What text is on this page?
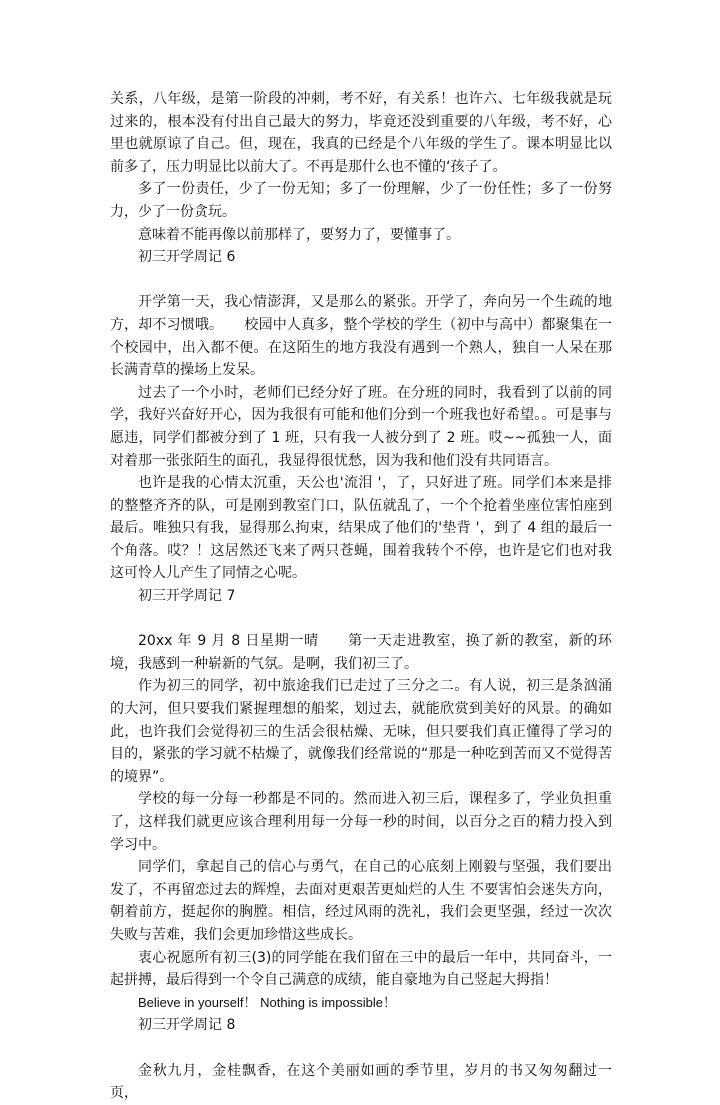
关系，八年级，是第一阶段的冲刺，考不好，有关系！也许六、七年级我就是玩过来的，根本没有付出自己最大的努力，毕竟还没到重要的八年级，考不好，心里也就原谅了自己。但，现在，我真的已经是个八年级的学生了。课本明显比以前多了，压力明显比以前大了。不再是那什么也不懂的‘孩子了。

多了一份责任，少了一份无知；多了一份理解，少了一份任性；多了一份努力，少了一份贪玩。

意味着不能再像以前那样了，要努力了，要懂事了。

初三开学周记 6

开学第一天，我心情澎湃，又是那么的紧张。开学了，奔向另一个生疏的地方，却不习惯哦。　　校园中人真多，整个学校的学生（初中与高中）都聚集在一个校园中，出入都不便。在这陌生的地方我没有遇到一个熟人，独自一人呆在那长满青草的操场上发呆。

过去了一个小时，老师们已经分好了班。在分班的同时，我看到了以前的同学，我好兴奋好开心，因为我很有可能和他们分到一个班我也好希望。。可是事与愿违，同学们都被分到了 1 班，只有我一人被分到了 2 班。哎~~孤独一人，面对着那一张张陌生的面孔，我显得很忧愁，因为我和他们没有共同语言。

也许是我的心情太沉重，天公也'流泪 '，了，只好进了班。同学们本来是排的整整齐齐的队，可是刚到教室门口，队伍就乱了，一个个抢着坐座位害怕座到最后。唯独只有我，显得那么拘束，结果成了他们的'垫背 '，到了 4 组的最后一个角落。哎？！这居然还飞来了两只苍蝇，围着我转个不停，也许是它们也对我这可怜人儿产生了同情之心呢。

初三开学周记 7

20xx 年 9 月 8 日星期一晴　　第一天走进教室，换了新的教室，新的环境，我感到一种崭新的气氛。是啊，我们初三了。

作为初三的同学，初中旅途我们已走过了三分之二。有人说，初三是条汹涌的大河，但只要我们紧握理想的船桨，划过去，就能欣赏到美好的风景。的确如此，也许我们会觉得初三的生活会很枯燥、无味，但只要我们真正懂得了学习的目的，紧张的学习就不枯燥了，就像我们经常说的“那是一种吃到苦而又不觉得苦的境界”。

学校的每一分每一秒都是不同的。然而进入初三后，课程多了，学业负担重了，这样我们就更应该合理利用每一分每一秒的时间，以百分之百的精力投入到学习中。

同学们，拿起自己的信心与勇气，在自己的心底刻上刚毅与坚强，我们要出发了，不再留恋过去的辉煌，去面对更艰苦更灿烂的人生 不要害怕会迷失方向，朝着前方，挺起你的胸膛。相信，经过风雨的洗礼，我们会更坚强，经过一次次失败与苦难，我们会更加珍惜这些成长。

衷心祝愿所有初三(3)的同学能在我们留在三中的最后一年中，共同奋斗，一起拼搏，最后得到一个令自己满意的成绩，能自豪地为自己竖起大拇指！

Believe in yourself！ Nothing is impossible！

初三开学周记 8

金秋九月，金桂飘香，在这个美丽如画的季节里，岁月的书又匆匆翻过一页，
